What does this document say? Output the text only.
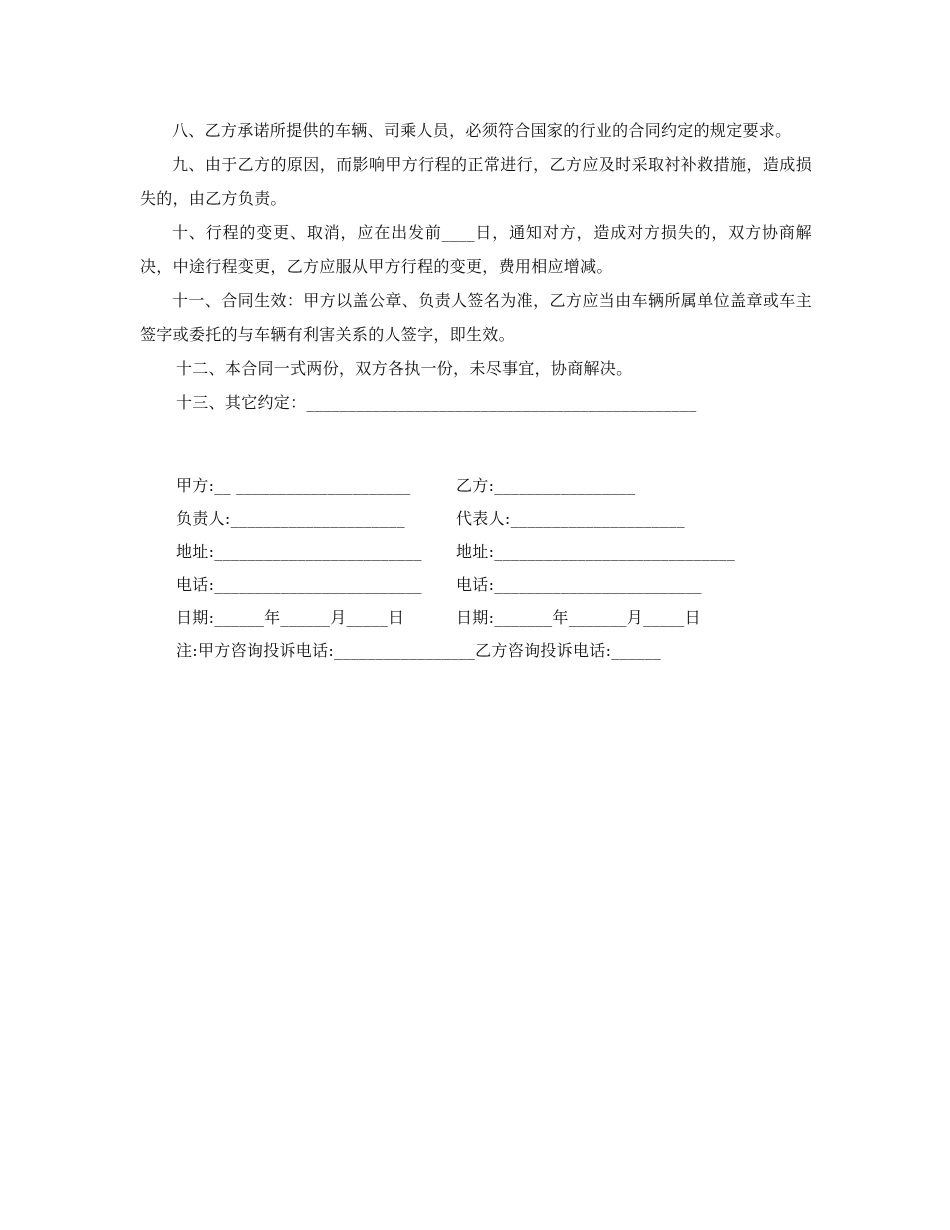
八、乙方承诺所提供的车辆、司乘人员，必须符合国家的行业的合同约定的规定要求。

九、由于乙方的原因，而影响甲方行程的正常进行，乙方应及时采取衬补救措施，造成损失的，由乙方负责。

十、行程的变更、取消，应在出发前____日，通知对方，造成对方损失的，双方协商解决，中途行程变更，乙方应服从甲方行程的变更，费用相应增减。

十一、合同生效：甲方以盖公章、负责人签名为准，乙方应当由车辆所属单位盖章或车主签字或委托的与车辆有利害关系的人签字，即生效。

十二、本合同一式两份，双方各执一份，未尽事宜，协商解决。

十三、其它约定：_______________________________________________

甲方:__ _____________________	乙方:_________________
负责人:_____________________	代表人:_____________________
地址:_________________________	地址:_____________________________
电话:_________________________	电话:_________________________
日期:______年______月_____日	日期:_______年_______月_____日
注:甲方咨询投诉电话:_________________乙方咨询投诉电话:______
